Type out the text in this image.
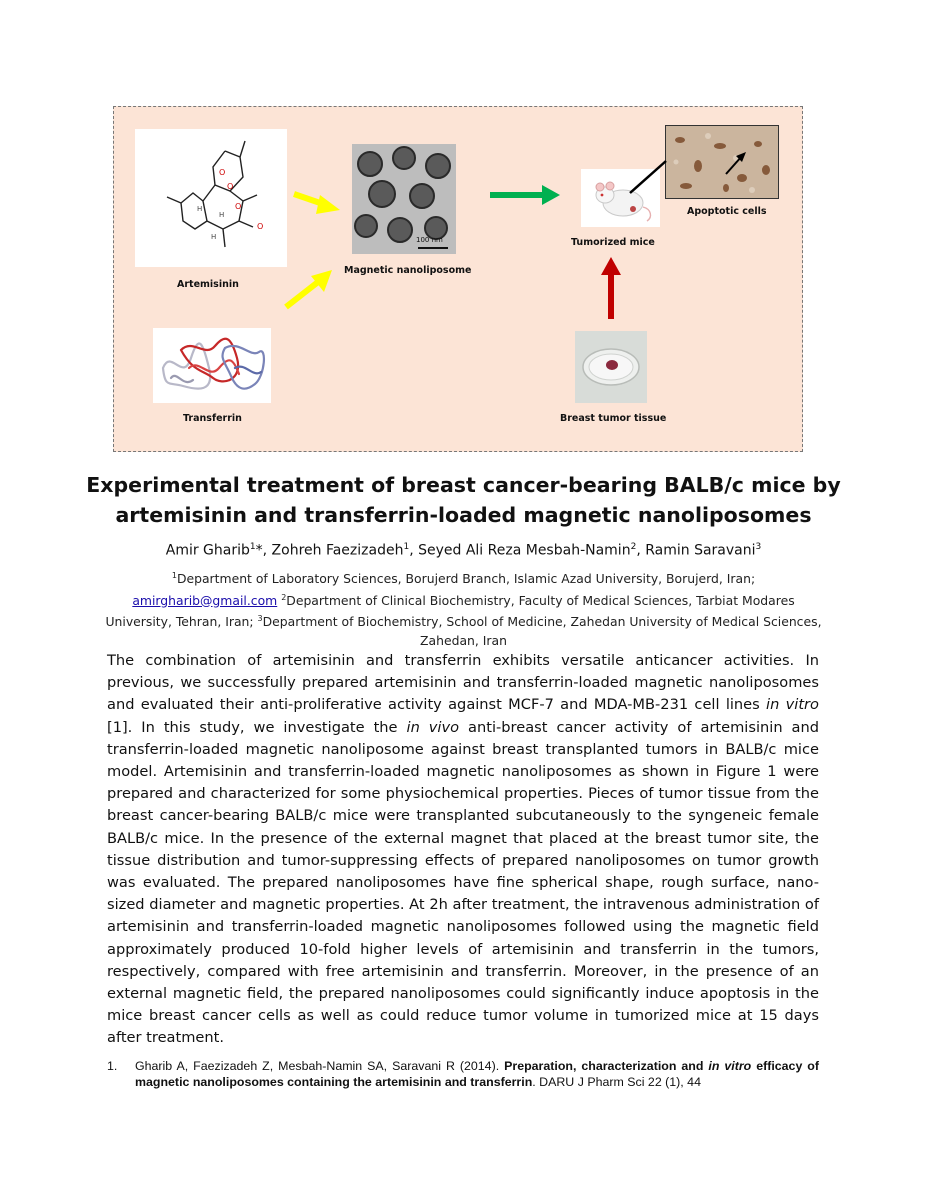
O
O
O
O
H
H
H
Artemisinin
Transferrin
100 nm
Magnetic nanoliposome
Tumorized mice
Apoptotic cells
Breast tumor tissue
Experimental treatment of breast cancer-bearing BALB/c mice by
artemisinin and transferrin-loaded magnetic nanoliposomes
Amir Gharib$^1$*, Zohreh Faezizadeh$^1$, Seyed Ali Reza Mesbah-Namin$^2$, Ramin Saravani$^3$
$^1$Department of Laboratory Sciences, Borujerd Branch, Islamic Azad University, Borujerd, Iran; amirgharib@gmail.com $^2$Department of Clinical Biochemistry, Faculty of Medical Sciences, Tarbiat Modares University, Tehran, Iran; $^3$Department of Biochemistry, School of Medicine, Zahedan University of Medical Sciences, Zahedan, Iran
The combination of artemisinin and transferrin exhibits versatile anticancer activities. In previous, we successfully prepared artemisinin and transferrin-loaded magnetic nanoliposomes and evaluated their anti-proliferative activity against MCF-7 and MDA-MB-231 cell lines in vitro [1]. In this study, we investigate the in vivo anti-breast cancer activity of artemisinin and transferrin-loaded magnetic nanoliposome against breast transplanted tumors in BALB/c mice model. Artemisinin and transferrin-loaded magnetic nanoliposomes as shown in Figure 1 were prepared and characterized for some physiochemical properties. Pieces of tumor tissue from the breast cancer-bearing BALB/c mice were transplanted subcutaneously to the syngeneic female BALB/c mice. In the presence of the external magnet that placed at the breast tumor site, the tissue distribution and tumor-suppressing effects of prepared nanoliposomes on tumor growth was evaluated. The prepared nanoliposomes have fine spherical shape, rough surface, nano-sized diameter and magnetic properties. At 2h after treatment, the intravenous administration of artemisinin and transferrin-loaded magnetic nanoliposomes followed using the magnetic field approximately produced 10-fold higher levels of artemisinin and transferrin in the tumors, respectively, compared with free artemisinin and transferrin. Moreover, in the presence of an external magnetic field, the prepared nanoliposomes could significantly induce apoptosis in the mice breast cancer cells as well as could reduce tumor volume in tumorized mice at 15 days after treatment.
1. Gharib A, Faezizadeh Z, Mesbah-Namin SA, Saravani R (2014). Preparation, characterization and in vitro efficacy of magnetic nanoliposomes containing the artemisinin and transferrin. DARU J Pharm Sci 22 (1), 44
